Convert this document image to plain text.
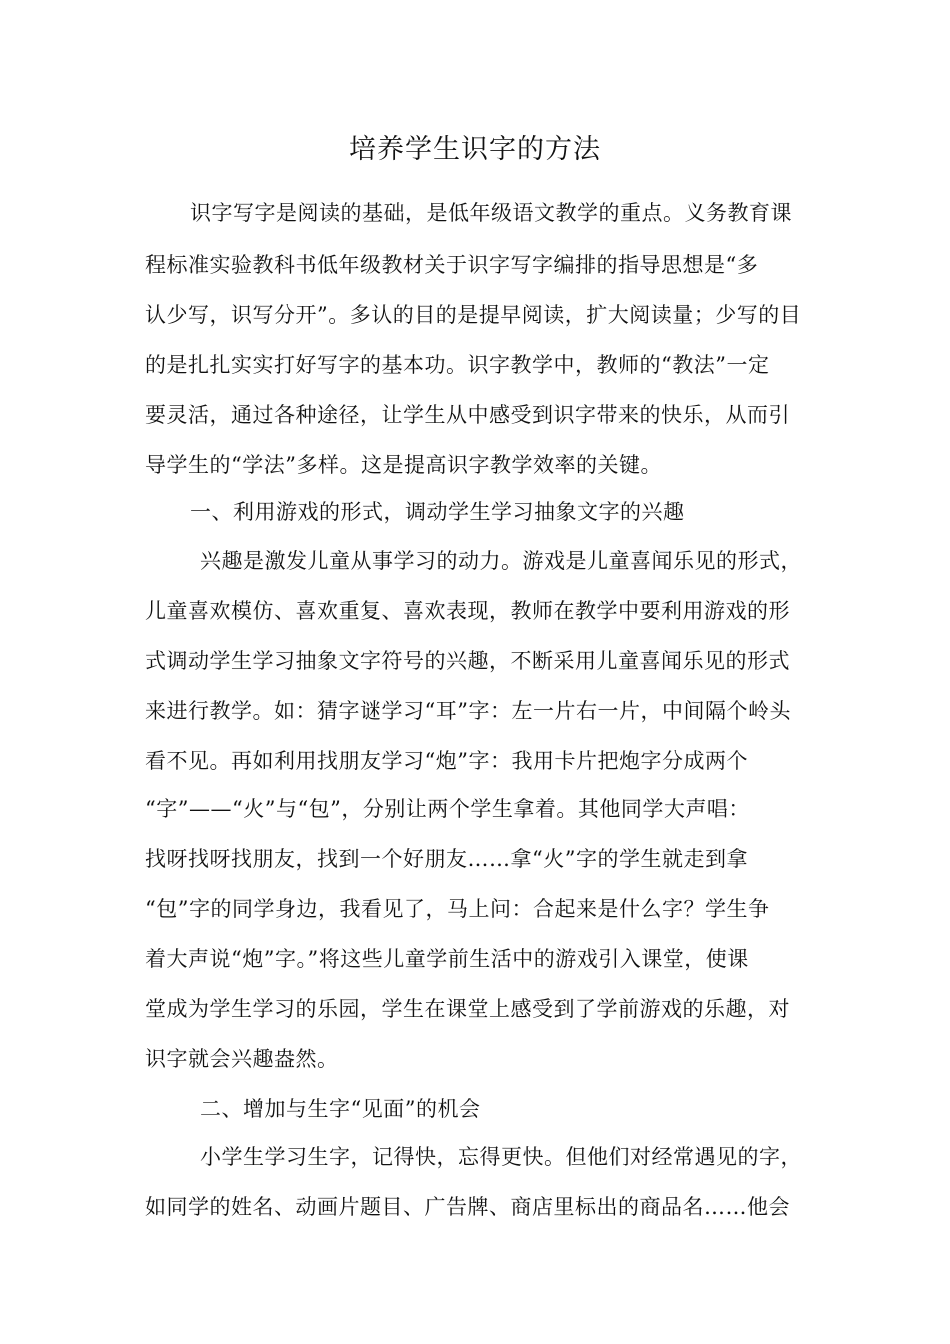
培养学生识字的方法
识字写字是阅读的基础，是低年级语文教学的重点。义务教育课
程标准实验教科书低年级教材关于识字写字编排的指导思想是“多
认少写，识写分开”。多认的目的是提早阅读，扩大阅读量；少写的目
的是扎扎实实打好写字的基本功。识字教学中，教师的“教法”一定
要灵活，通过各种途径，让学生从中感受到识字带来的快乐，从而引
导学生的“学法”多样。这是提高识字教学效率的关键。
一、利用游戏的形式，调动学生学习抽象文字的兴趣
兴趣是激发儿童从事学习的动力。游戏是儿童喜闻乐见的形式，
儿童喜欢模仿、喜欢重复、喜欢表现，教师在教学中要利用游戏的形
式调动学生学习抽象文字符号的兴趣，不断采用儿童喜闻乐见的形式
来进行教学。如：猜字谜学习“耳”字：左一片右一片，中间隔个岭头
看不见。再如利用找朋友学习“炮”字：我用卡片把炮字分成两个
“字”——“火”与“包”，分别让两个学生拿着。其他同学大声唱：
找呀找呀找朋友，找到一个好朋友……拿“火”字的学生就走到拿
“包”字的同学身边，我看见了，马上问：合起来是什么字？学生争
着大声说“炮”字。”将这些儿童学前生活中的游戏引入课堂，使课
堂成为学生学习的乐园，学生在课堂上感受到了学前游戏的乐趣，对
识字就会兴趣盎然。
二、增加与生字“见面”的机会
小学生学习生字，记得快，忘得更快。但他们对经常遇见的字，
如同学的姓名、动画片题目、广告牌、商店里标出的商品名……他会
